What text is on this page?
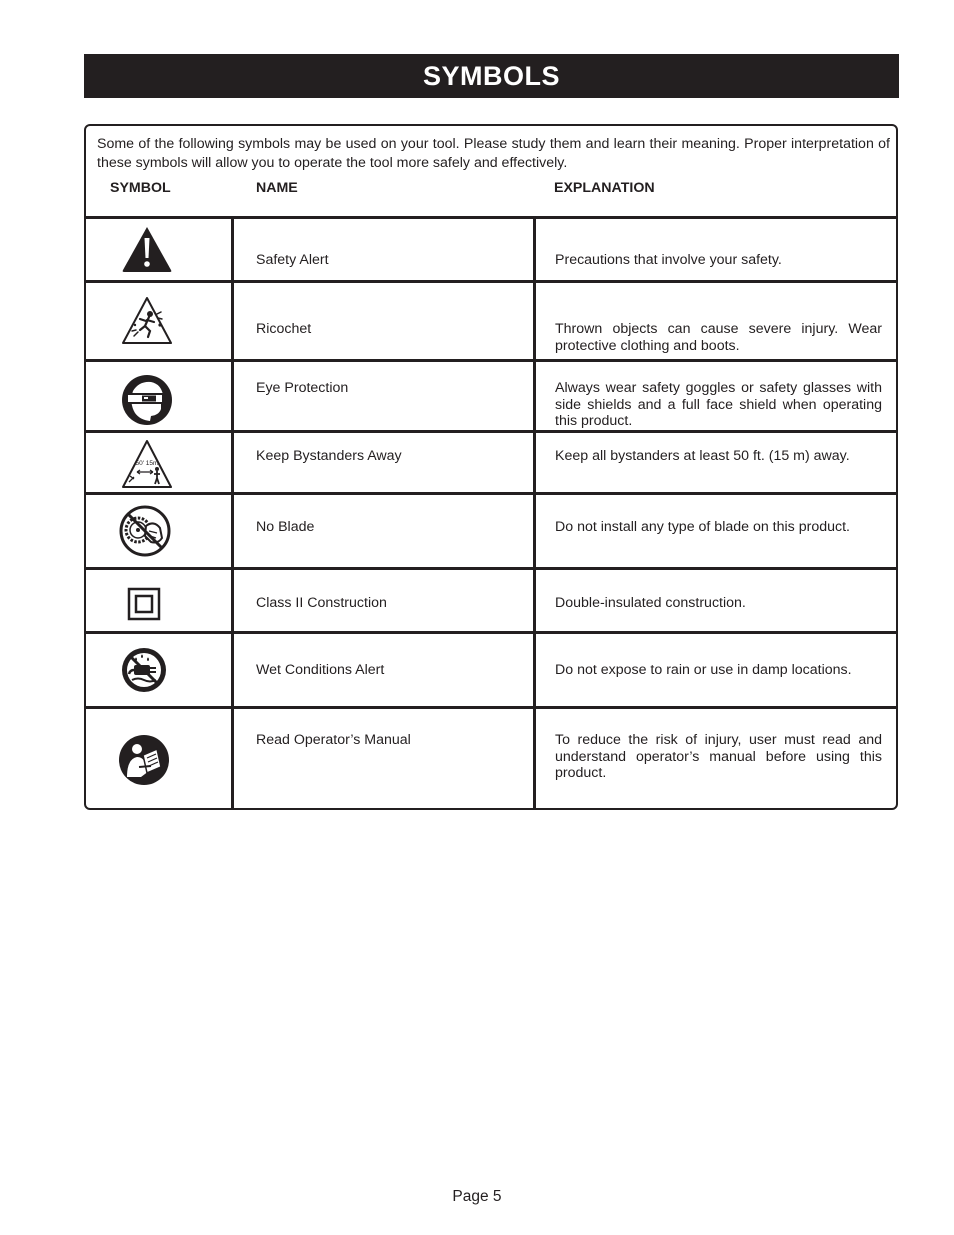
SYMBOLS
Some of the following symbols may be used on your tool. Please study them and learn their meaning. Proper interpretation of these symbols will allow you to operate the tool more safely and effectively.
SYMBOL	NAME	EXPLANATION
Safety Alert	Precautions that involve your safety.
Ricochet	Thrown objects can cause severe injury. Wear protective clothing and boots.
Eye Protection	Always wear safety goggles or safety glasses with side shields and a full face shield when operating this product.
50' 15m	Keep Bystanders Away	Keep all bystanders at least 50 ft. (15 m) away.
No Blade	Do not install any type of blade on this product.
Class II Construction	Double-insulated construction.
Wet Conditions Alert	Do not expose to rain or use in damp locations.
Read Operator’s Manual	To reduce the risk of injury, user must read and understand operator’s manual before using this product.
Page 5
